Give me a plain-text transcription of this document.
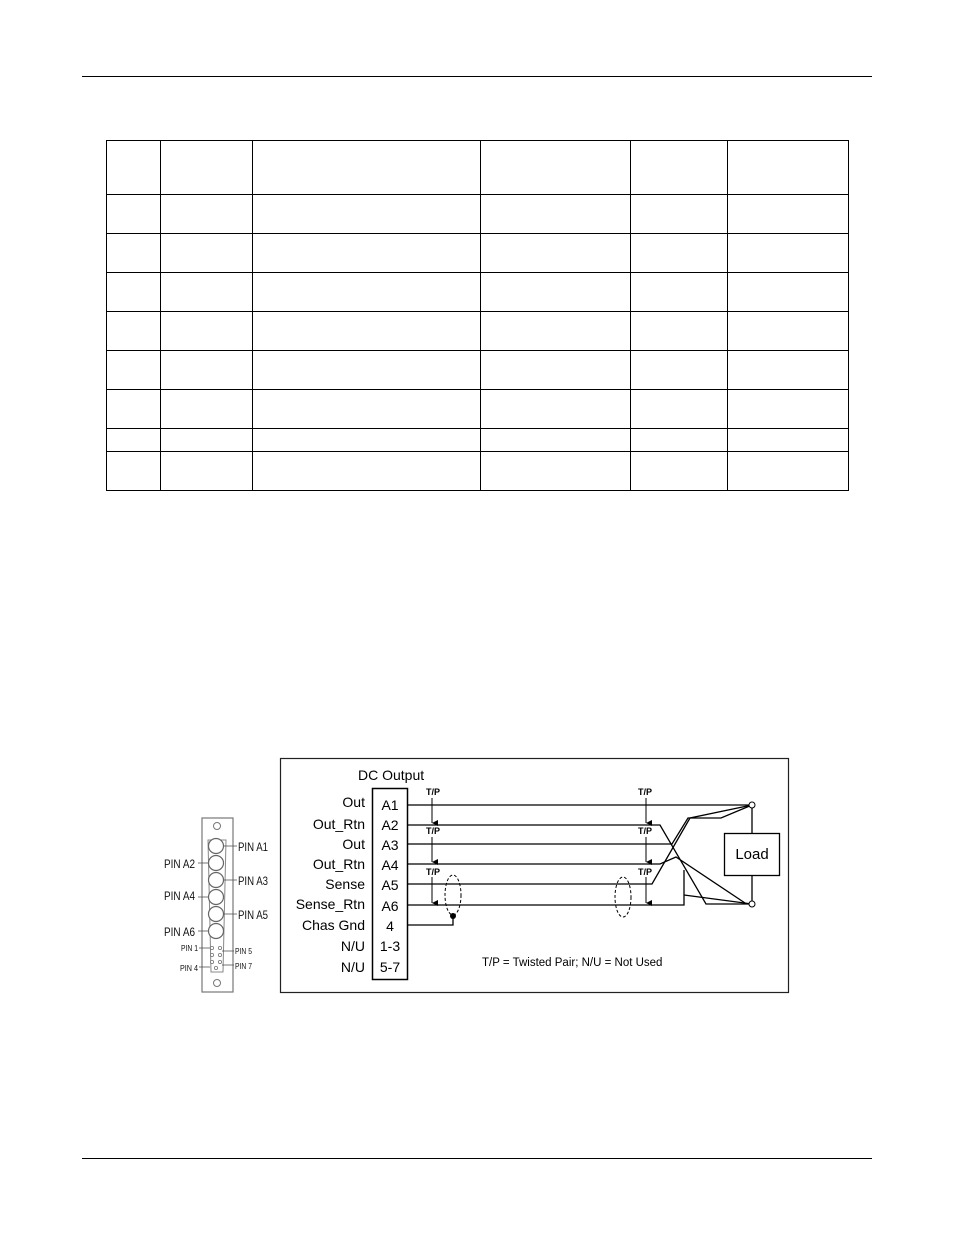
PIN A1
PIN A2
PIN A3
PIN A4
PIN A5
PIN A6
PIN 1	PIN 5
PIN 4	PIN 7
DC Output
Out
Out_Rtn
Out
Out_Rtn
Sense
Sense_Rtn
Chas Gnd
N/U
N/U
A1
A2
A3
A4
A5
A6
4
1-3
5-7
T/P	T/P
T/P	T/P
T/P	T/P
Load
T/P = Twisted Pair; N/U = Not Used
